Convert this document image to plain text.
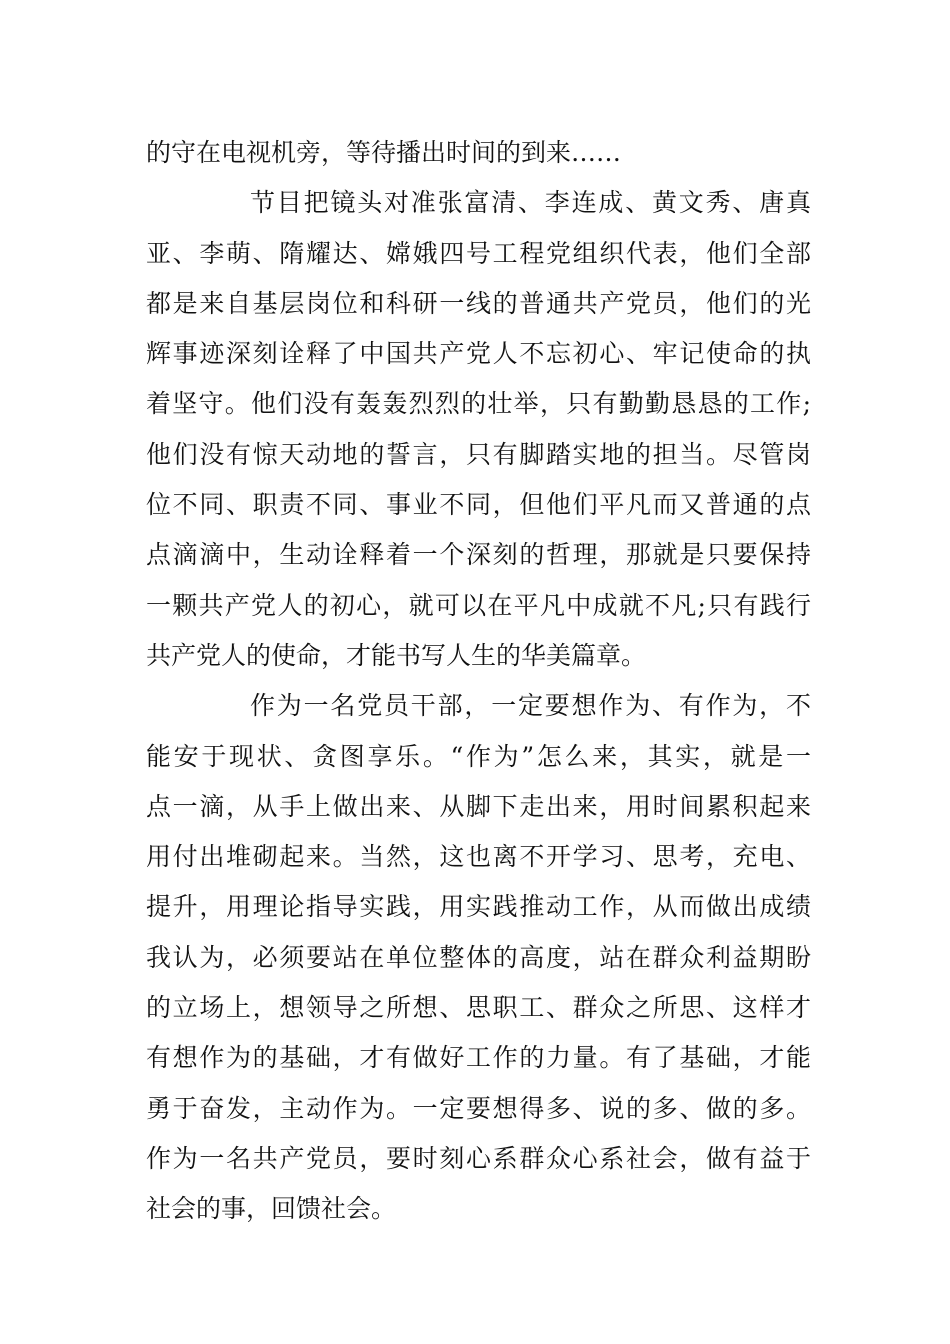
的守在电视机旁，等待播出时间的到来……
节目把镜头对准张富清、李连成、黄文秀、唐真
亚、李萌、隋耀达、嫦娥四号工程党组织代表，他们全部
都是来自基层岗位和科研一线的普通共产党员，他们的光
辉事迹深刻诠释了中国共产党人不忘初心、牢记使命的执
着坚守。他们没有轰轰烈烈的壮举，只有勤勤恳恳的工作;
他们没有惊天动地的誓言，只有脚踏实地的担当。尽管岗
位不同、职责不同、事业不同，但他们平凡而又普通的点
点滴滴中，生动诠释着一个深刻的哲理，那就是只要保持
一颗共产党人的初心，就可以在平凡中成就不凡;只有践行
共产党人的使命，才能书写人生的华美篇章。
作为一名党员干部，一定要想作为、有作为，不
能安于现状、贪图享乐。“作为”怎么来，其实，就是一
点一滴，从手上做出来、从脚下走出来，用时间累积起来
用付出堆砌起来。当然，这也离不开学习、思考，充电、
提升，用理论指导实践，用实践推动工作，从而做出成绩
我认为，必须要站在单位整体的高度，站在群众利益期盼
的立场上，想领导之所想、思职工、群众之所思、这样才
有想作为的基础，才有做好工作的力量。有了基础，才能
勇于奋发，主动作为。一定要想得多、说的多、做的多。
作为一名共产党员，要时刻心系群众心系社会，做有益于
社会的事，回馈社会。
